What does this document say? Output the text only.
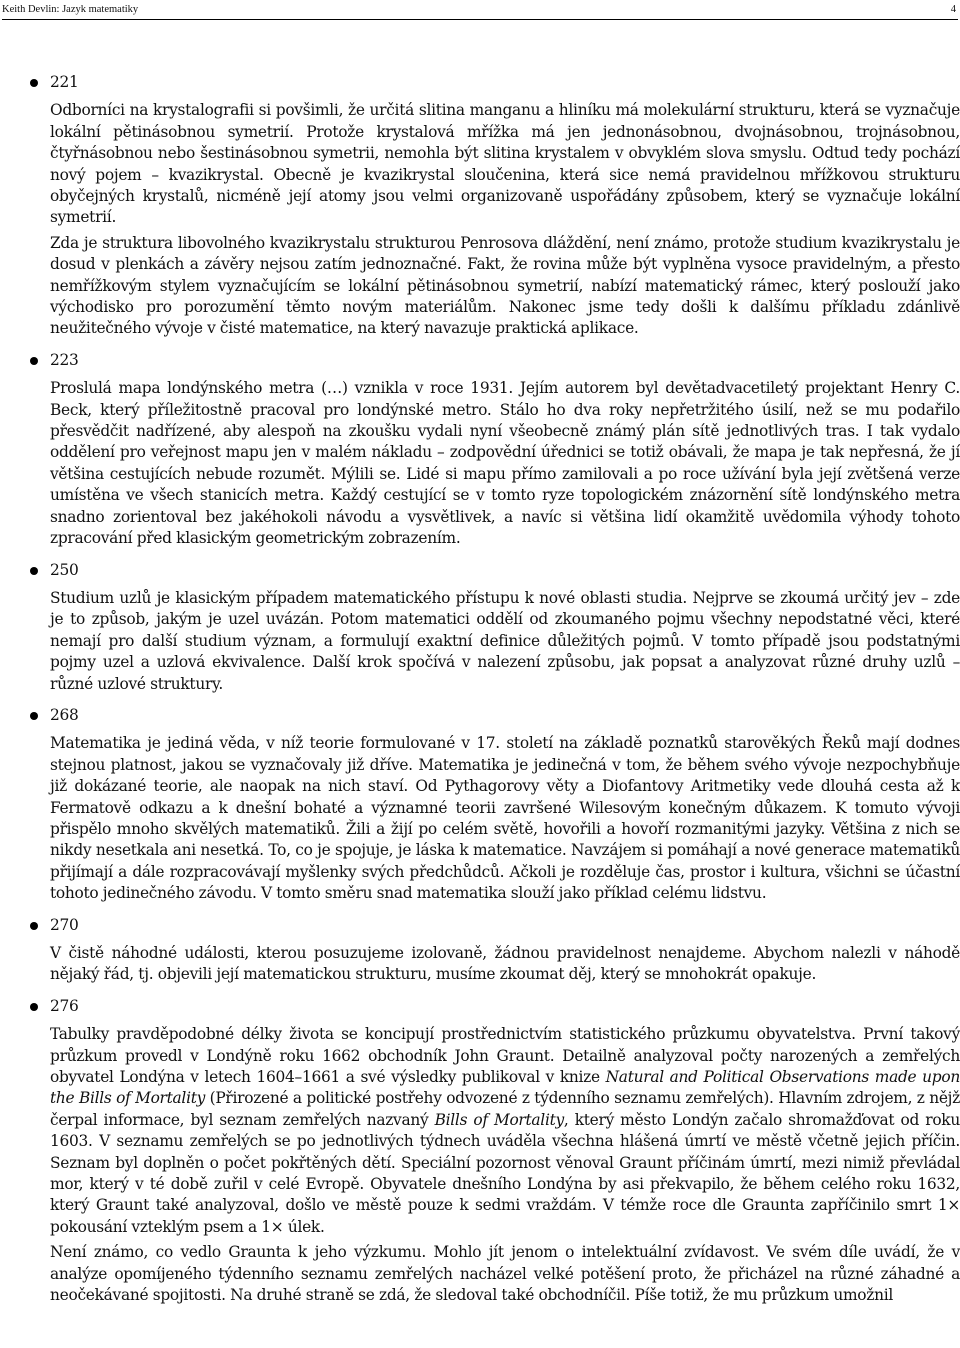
Keith Devlin: Jazyk matematiky	4
221

Odborníci na krystalografii si povšimli, že určitá slitina manganu a hliníku má molekulární strukturu, která se vyznačuje lokální pětinásobnou symetrií. Protože krystalová mřížka má jen jednonásobnou, dvojnásobnou, trojnásobnou, čtyřnásobnou nebo šestinásobnou symetrii, nemohla být slitina krystalem v obvyklém slova smyslu. Odtud tedy pochází nový pojem – kvazikrystal. Obecně je kvazikrystal sloučenina, která sice nemá pravidelnou mřížkovou strukturu obyčejných krystalů, nicméně její atomy jsou velmi organizovaně uspořádány způsobem, který se vyznačuje lokální symetrií.

Zda je struktura libovolného kvazikrystalu strukturou Penrosova dláždění, není známo, protože studium kvazikrystalu je dosud v plenkách a závěry nejsou zatím jednoznačné. Fakt, že rovina může být vyplněna vysoce pravidelným, a přesto nemřížkovým stylem vyznačujícím se lokální pětinásobnou symetrií, nabízí matematický rámec, který poslouží jako východisko pro porozumění těmto novým materiálům. Nakonec jsme tedy došli k dalšímu příkladu zdánlivě neužitečného vývoje v čisté matematice, na který navazuje praktická aplikace.

223

Proslulá mapa londýnského metra (…) vznikla v roce 1931. Jejím autorem byl devětadvacetiletý projektant Henry C. Beck, který příležitostně pracoval pro londýnské metro. Stálo ho dva roky nepřetržitého úsilí, než se mu podařilo přesvědčit nadřízené, aby alespoň na zkoušku vydali nyní všeobecně známý plán sítě jednotlivých tras. I tak vydalo oddělení pro veřejnost mapu jen v malém nákladu – zodpovědní úřednici se totiž obávali, že mapa je tak nepřesná, že jí většina cestujících nebude rozumět. Mýlili se. Lidé si mapu přímo zamilovali a po roce užívání byla její zvětšená verze umístěna ve všech stanicích metra. Každý cestující se v tomto ryze topologickém znázornění sítě londýnského metra snadno zorientoval bez jakéhokoli návodu a vysvětlivek, a navíc si většina lidí okamžitě uvědomila výhody tohoto zpracování před klasickým geometrickým zobrazením.

250

Studium uzlů je klasickým případem matematického přístupu k nové oblasti studia. Nejprve se zkoumá určitý jev – zde je to způsob, jakým je uzel uvázán. Potom matematici oddělí od zkoumaného pojmu všechny nepodstatné věci, které nemají pro další studium význam, a formulují exaktní definice důležitých pojmů. V tomto případě jsou podstatnými pojmy uzel a uzlová ekvivalence. Další krok spočívá v nalezení způsobu, jak popsat a analyzovat různé druhy uzlů – různé uzlové struktury.

268

Matematika je jediná věda, v níž teorie formulované v 17. století na základě poznatků starověkých Řeků mají dodnes stejnou platnost, jakou se vyznačovaly již dříve. Matematika je jedinečná v tom, že během svého vývoje nezpochybňuje již dokázané teorie, ale naopak na nich staví. Od Pythagorovy věty a Diofantovy Aritmetiky vede dlouhá cesta až k Fermatově odkazu a k dnešní bohaté a významné teorii završené Wilesovým konečným důkazem. K tomuto vývoji přispělo mnoho skvělých matematiků. Žili a žijí po celém světě, hovořili a hovoří rozmanitými jazyky. Většina z nich se nikdy nesetkala ani nesetká. To, co je spojuje, je láska k matematice. Navzájem si pomáhají a nové generace matematiků přijímají a dále rozpracovávají myšlenky svých předchůdců. Ačkoli je rozděluje čas, prostor i kultura, všichni se účastní tohoto jedinečného závodu. V tomto směru snad matematika slouží jako příklad celému lidstvu.

270

V čistě náhodné události, kterou posuzujeme izolovaně, žádnou pravidelnost nenajdeme. Abychom nalezli v náhodě nějaký řád, tj. objevili její matematickou strukturu, musíme zkoumat děj, který se mnohokrát opakuje.

276

Tabulky pravděpodobné délky života se koncipují prostřednictvím statistického průzkumu obyvatelstva. První takový průzkum provedl v Londýně roku 1662 obchodník John Graunt. Detailně analyzoval počty narozených a zemřelých obyvatel Londýna v letech 1604–1661 a své výsledky publikoval v knize Natural and Political Observations made upon the Bills of Mortality (Přirozené a politické postřehy odvozené z týdenního seznamu zemřelých). Hlavním zdrojem, z nějž čerpal informace, byl seznam zemřelých nazvaný Bills of Mortality, který město Londýn začalo shromažďovat od roku 1603. V seznamu zemřelých se po jednotlivých týdnech uváděla všechna hlášená úmrtí ve městě včetně jejich příčin. Seznam byl doplněn o počet pokřtěných dětí. Speciální pozornost věnoval Graunt příčinám úmrtí, mezi nimiž převládal mor, který v té době zuřil v celé Evropě. Obyvatele dnešního Londýna by asi překvapilo, že během celého roku 1632, který Graunt také analyzoval, došlo ve městě pouze k sedmi vraždám. V témže roce dle Graunta zapříčinilo smrt 1× pokousání vzteklým psem a 1× úlek.

Není známo, co vedlo Graunta k jeho výzkumu. Mohlo jít jenom o intelektuální zvídavost. Ve svém díle uvádí, že v analýze opomíjeného týdenního seznamu zemřelých nacházel velké potěšení proto, že přicházel na různé záhadné a neočekávané spojitosti. Na druhé straně se zdá, že sledoval také obchodníčil. Píše totiž, že mu průzkum umožnil
